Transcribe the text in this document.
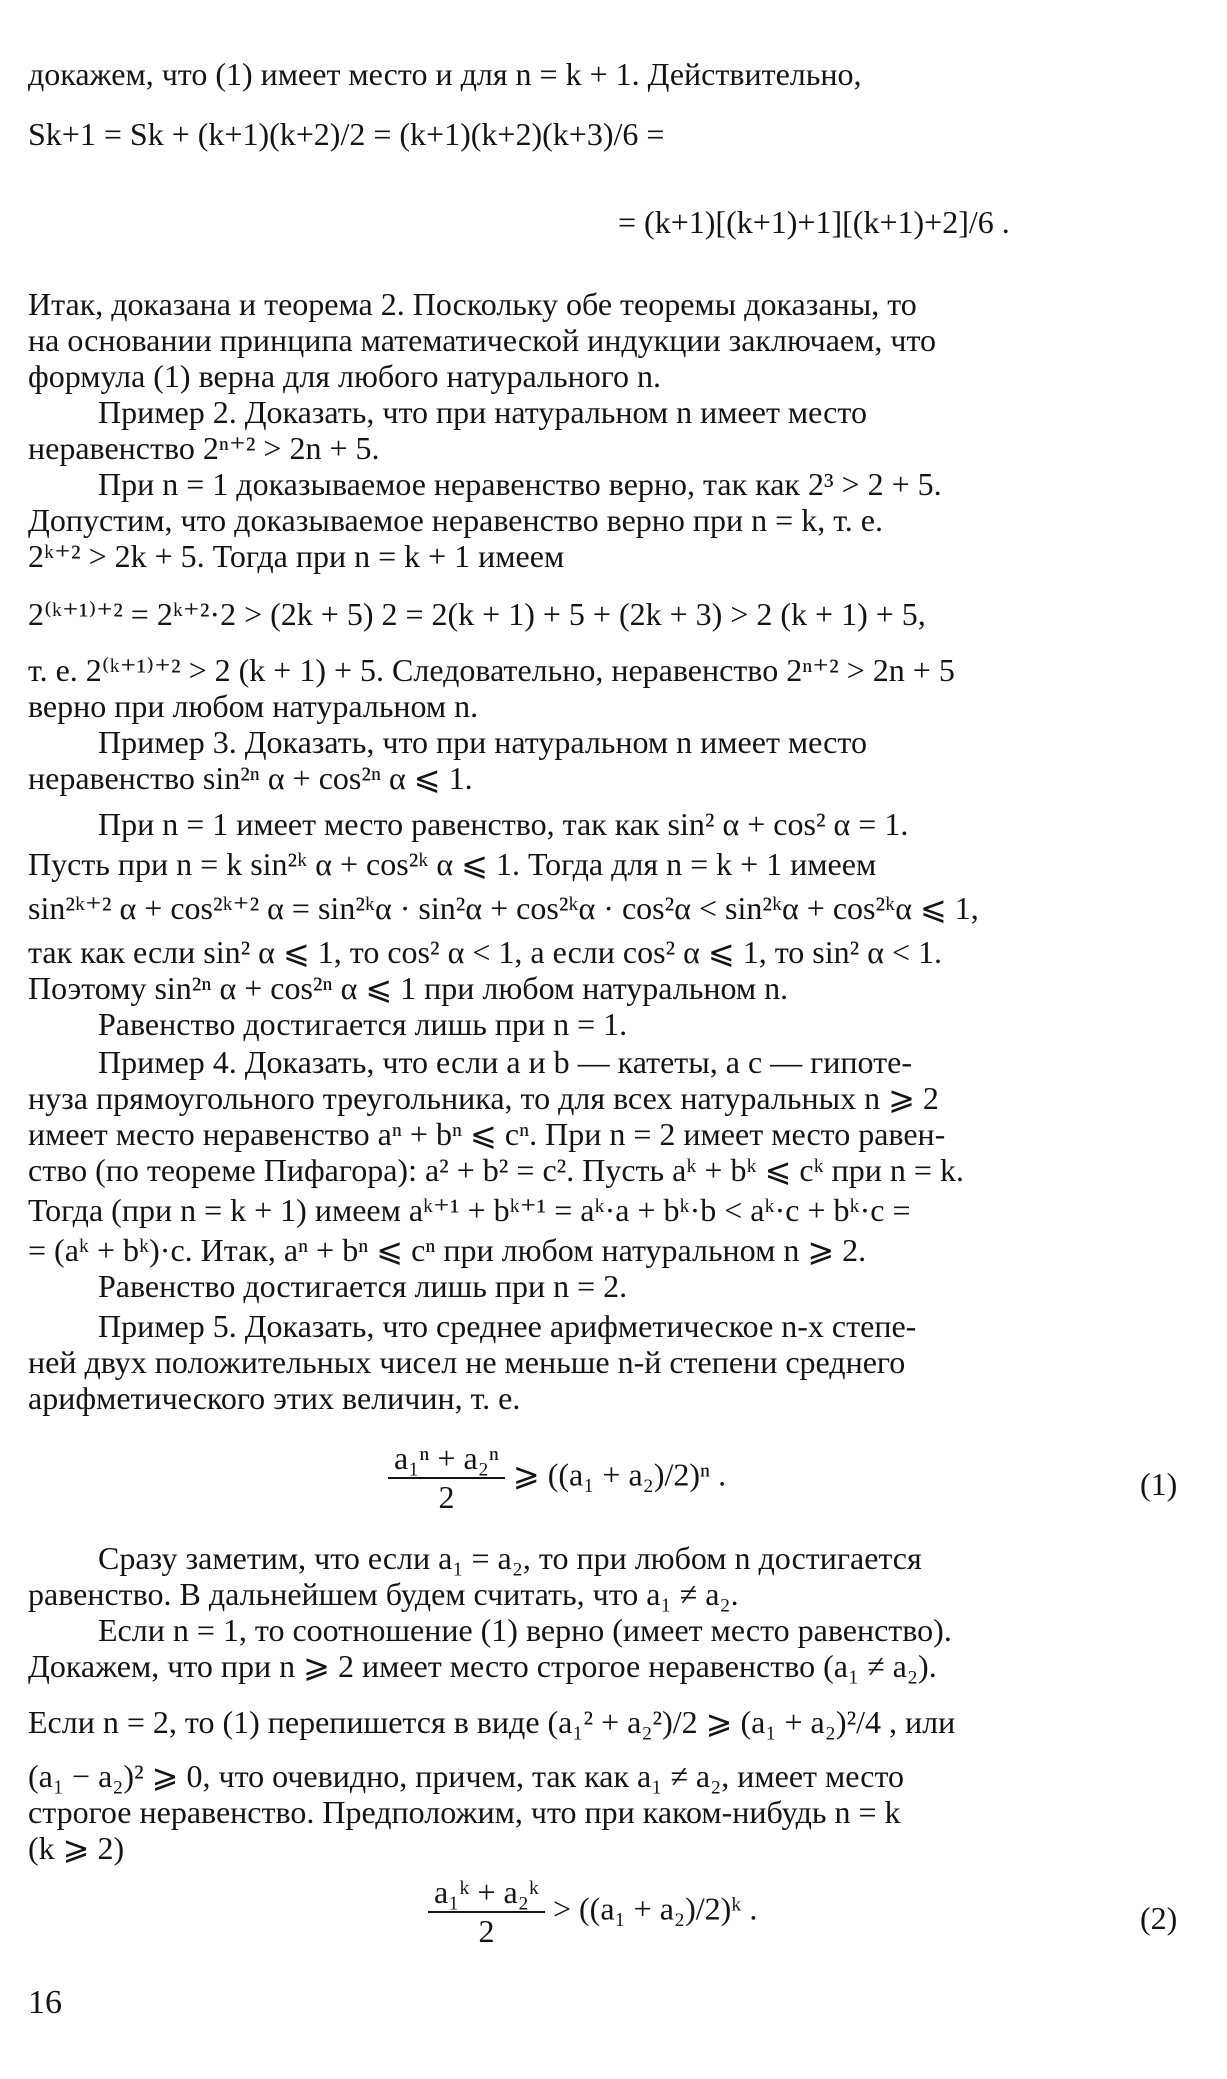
докажем, что (1) имеет место и для n = k + 1. Действительно,
Sk+1 = Sk + (k+1)(k+2)/2 = (k+1)(k+2)(k+3)/6 =
= (k+1)[(k+1)+1][(k+1)+2]/6 .
Итак, доказана и теорема 2. Поскольку обе теоремы доказаны, то
на основании принципа математической индукции заключаем, что
формула (1) верна для любого натурального n.
Пример 2. Доказать, что при натуральном n имеет место
неравенство 2ⁿ⁺² > 2n + 5.
При n = 1 доказываемое неравенство верно, так как 2³ > 2 + 5.
Допустим, что доказываемое неравенство верно при n = k, т. е.
2ᵏ⁺² > 2k + 5. Тогда при n = k + 1 имеем
2⁽ᵏ⁺¹⁾⁺² = 2ᵏ⁺²·2 > (2k + 5) 2 = 2(k + 1) + 5 + (2k + 3) > 2 (k + 1) + 5,
т. е. 2⁽ᵏ⁺¹⁾⁺² > 2 (k + 1) + 5. Следовательно, неравенство 2ⁿ⁺² > 2n + 5
верно при любом натуральном n.
Пример 3. Доказать, что при натуральном n имеет место
неравенство sin²ⁿ α + cos²ⁿ α ⩽ 1.
При n = 1 имеет место равенство, так как sin² α + cos² α = 1.
Пусть при n = k sin²ᵏ α + cos²ᵏ α ⩽ 1. Тогда для n = k + 1 имеем
sin²ᵏ⁺² α + cos²ᵏ⁺² α = sin²ᵏα · sin²α + cos²ᵏα · cos²α < sin²ᵏα + cos²ᵏα ⩽ 1,
так как если sin² α ⩽ 1, то cos² α < 1, а если cos² α ⩽ 1, то sin² α < 1.
Поэтому sin²ⁿ α + cos²ⁿ α ⩽ 1 при любом натуральном n.
Равенство достигается лишь при n = 1.
Пример 4. Доказать, что если a и b — катеты, а c — гипоте-
нуза прямоугольного треугольника, то для всех натуральных n ⩾ 2
имеет место неравенство aⁿ + bⁿ ⩽ cⁿ. При n = 2 имеет место равен-
ство (по теореме Пифагора): a² + b² = c². Пусть aᵏ + bᵏ ⩽ cᵏ при n = k.
Тогда (при n = k + 1) имеем aᵏ⁺¹ + bᵏ⁺¹ = aᵏ·a + bᵏ·b < aᵏ·c + bᵏ·c =
= (aᵏ + bᵏ)·c. Итак, aⁿ + bⁿ ⩽ cⁿ при любом натуральном n ⩾ 2.
Равенство достигается лишь при n = 2.
Пример 5. Доказать, что среднее арифметическое n-х степе-
ней двух положительных чисел не меньше n-й степени среднего
арифметического этих величин, т. е.
$\frac{\text{a₁ⁿ + a₂ⁿ}}{2}$ ⩾ ((a₁ + a₂)/2)ⁿ .	(1)
Сразу заметим, что если a₁ = a₂, то при любом n достигается
равенство. В дальнейшем будем считать, что a₁ ≠ a₂.
Если n = 1, то соотношение (1) верно (имеет место равенство).
Докажем, что при n ⩾ 2 имеет место строгое неравенство (a₁ ≠ a₂).
Если n = 2, то (1) перепишется в виде (a₁² + a₂²)/2 ⩾ (a₁ + a₂)²/4 , или
(a₁ − a₂)² ⩾ 0, что очевидно, причем, так как a₁ ≠ a₂, имеет место
строгое неравенство. Предположим, что при каком-нибудь n = k
(k ⩾ 2)
$\frac{\text{a₁ᵏ + a₂ᵏ}}{2} > ((a_1$ + a₂)/2)ᵏ .	(2)
16
